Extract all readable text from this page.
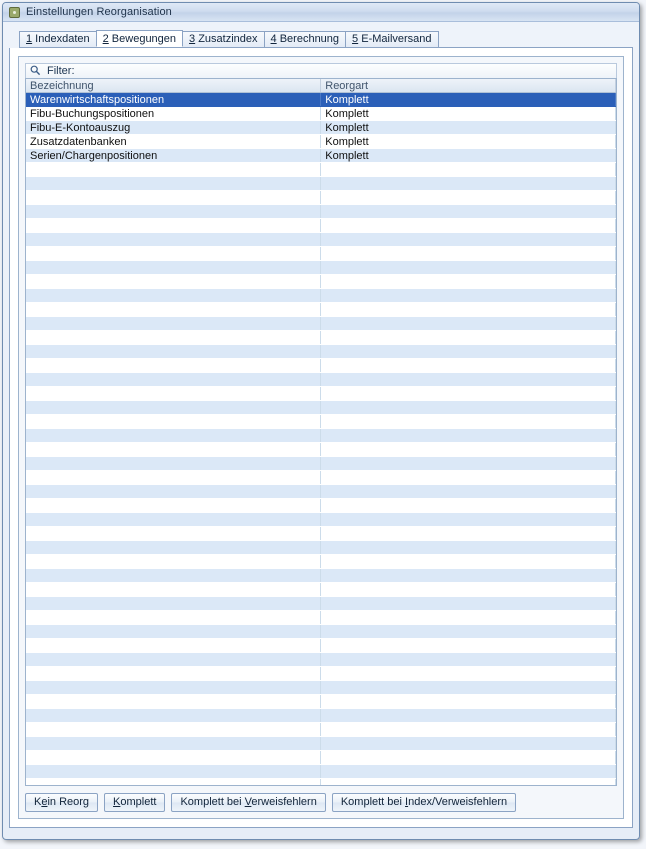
Einstellungen Reorganisation
1 Indexdaten	2 Bewegungen	3 Zusatzindex	4 Berechnung	5 E-Mailversand
Filter:
Bezeichnung	Reorgart
Warenwirtschaftspositionen	Komplett
Fibu-Buchungspositionen	Komplett
Fibu-E-Kontoauszug	Komplett
Zusatzdatenbanken	Komplett
Serien/Chargenpositionen	Komplett

Kein Reorg	Komplett	Komplett bei Verweisfehlern	Komplett bei Index/Verweisfehlern
